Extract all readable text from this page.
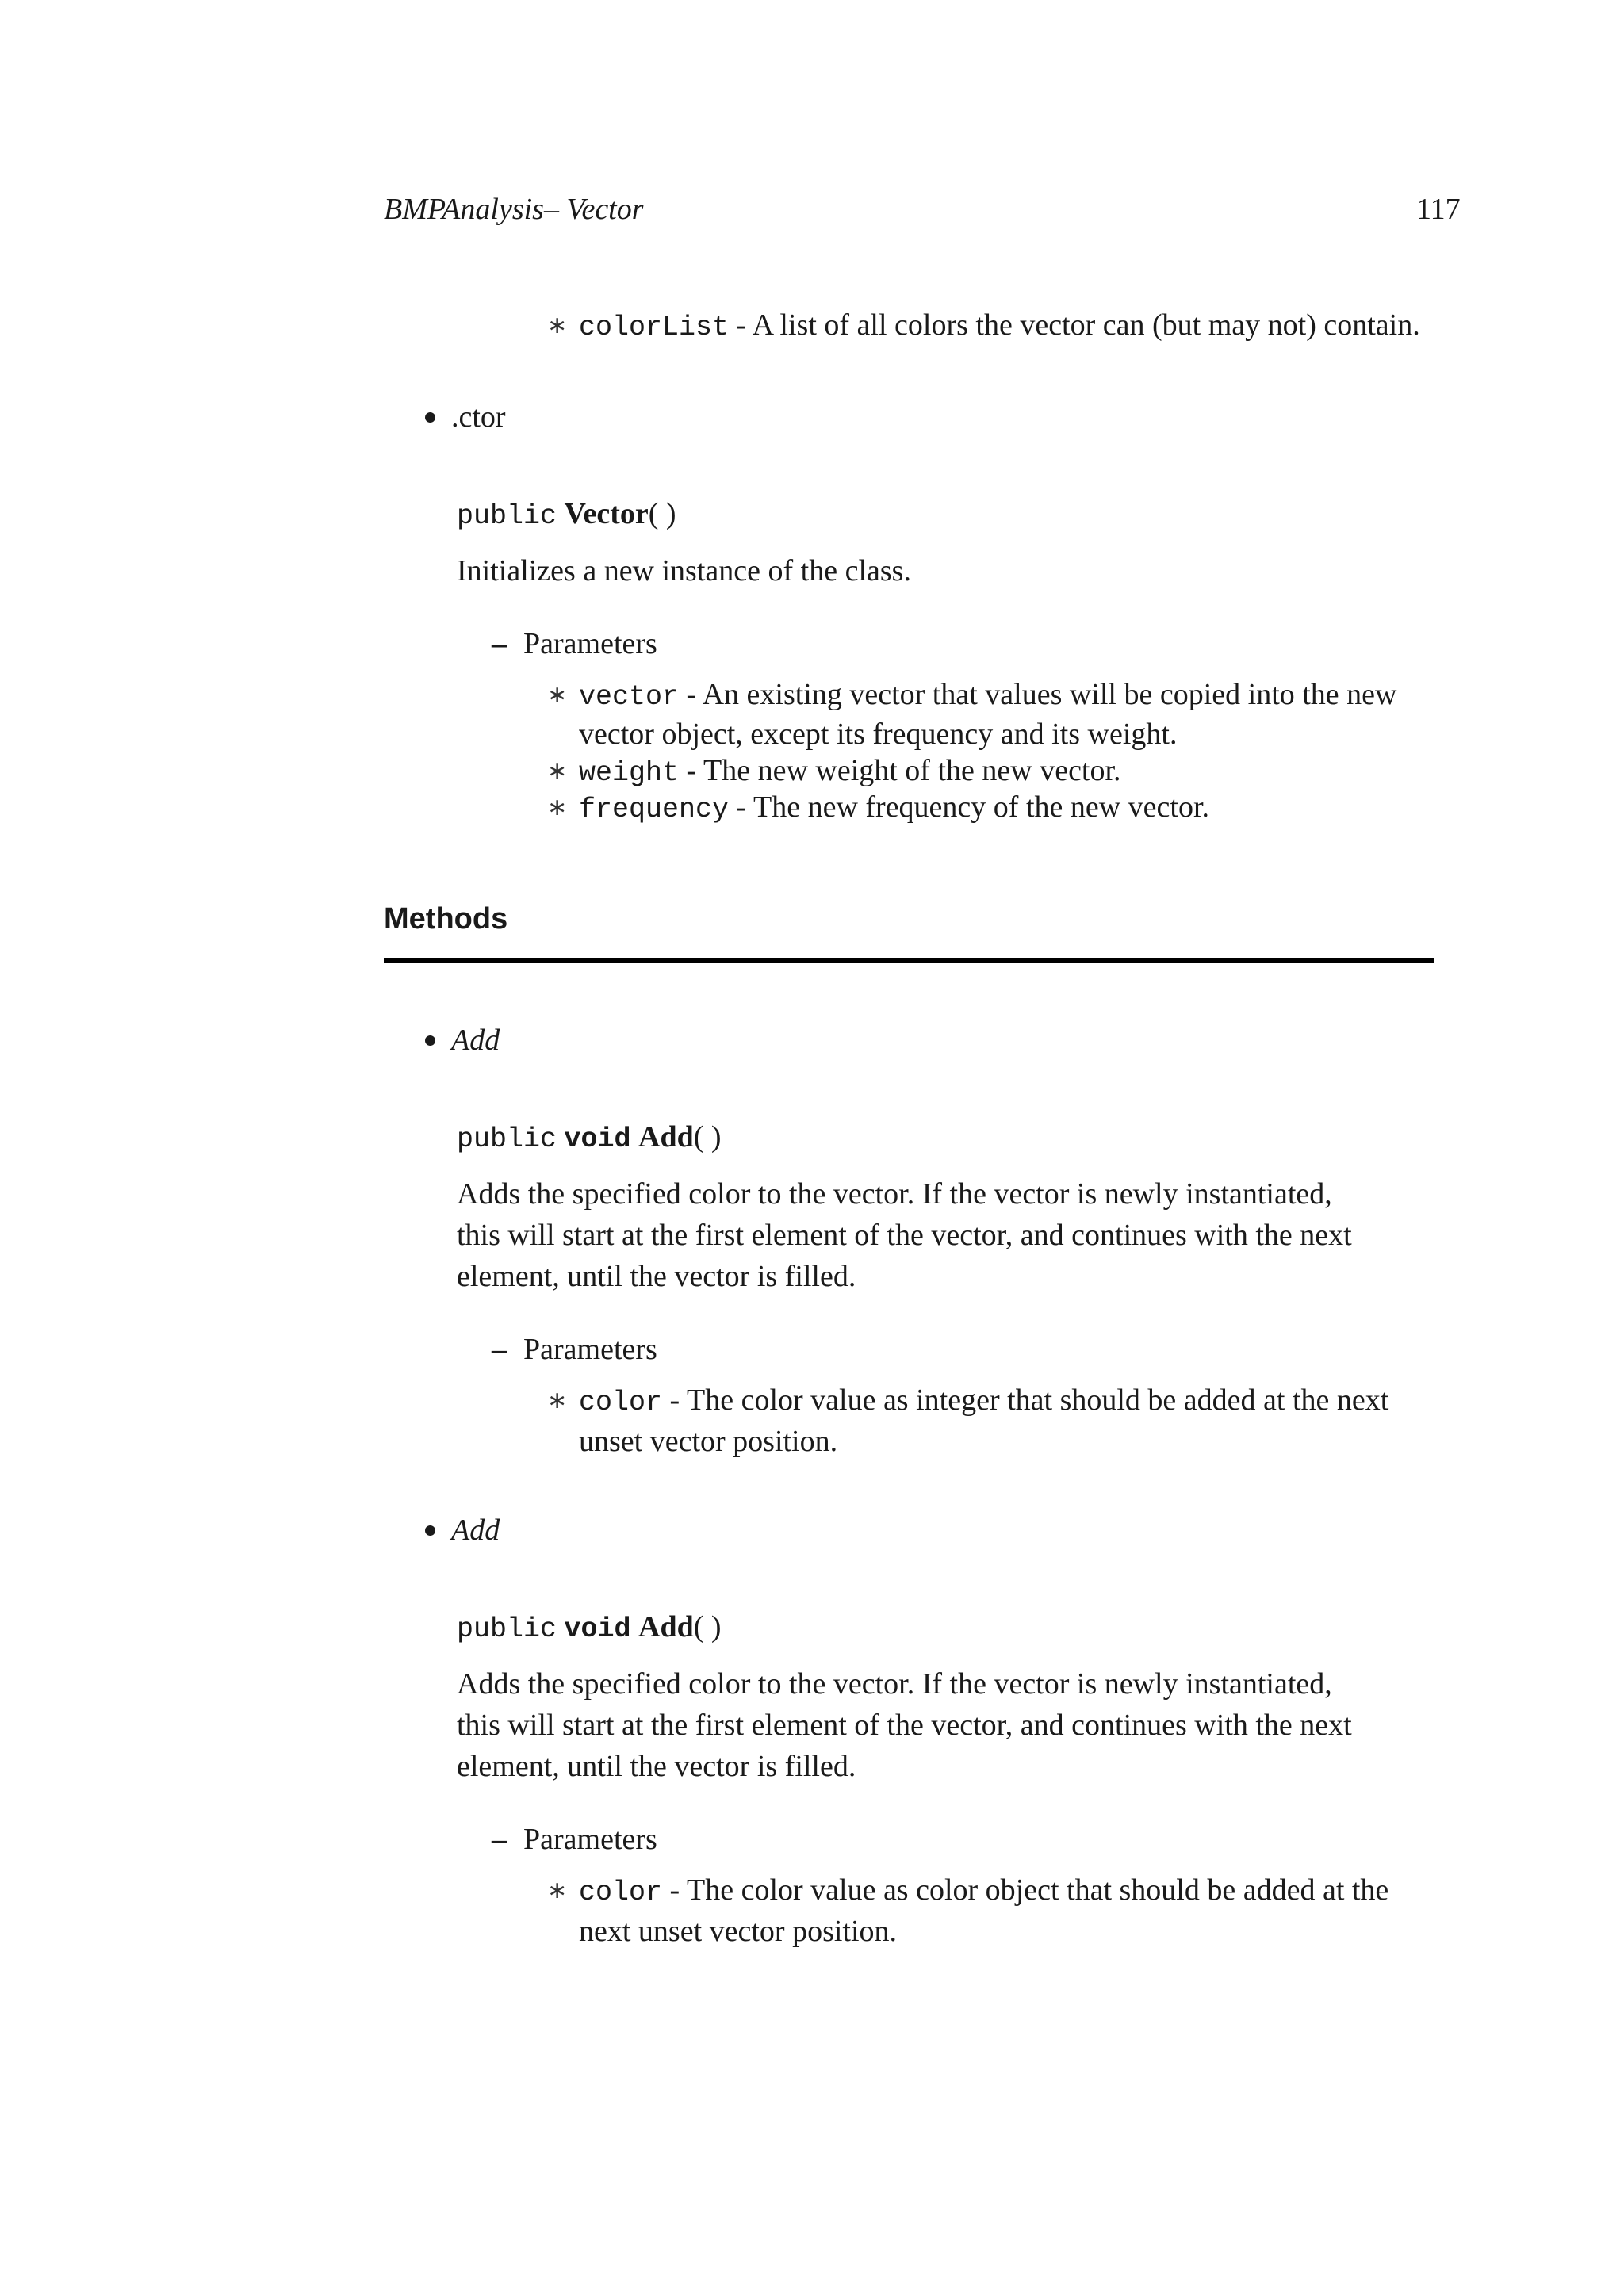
BMPAnalysis– Vector	117
∗ colorList - A list of all colors the vector can (but may not) contain.
.ctor
public Vector( )
Initializes a new instance of the class.
– Parameters
∗ vector - An existing vector that values will be copied into the new
vector object, except its frequency and its weight.
∗ weight - The new weight of the new vector.
∗ frequency - The new frequency of the new vector.
Methods
Add
public void Add( )
Adds the specified color to the vector. If the vector is newly instantiated,
this will start at the first element of the vector, and continues with the next
element, until the vector is filled.
– Parameters
∗ color - The color value as integer that should be added at the next
unset vector position.
Add
public void Add( )
Adds the specified color to the vector. If the vector is newly instantiated,
this will start at the first element of the vector, and continues with the next
element, until the vector is filled.
– Parameters
∗ color - The color value as color object that should be added at the
next unset vector position.
